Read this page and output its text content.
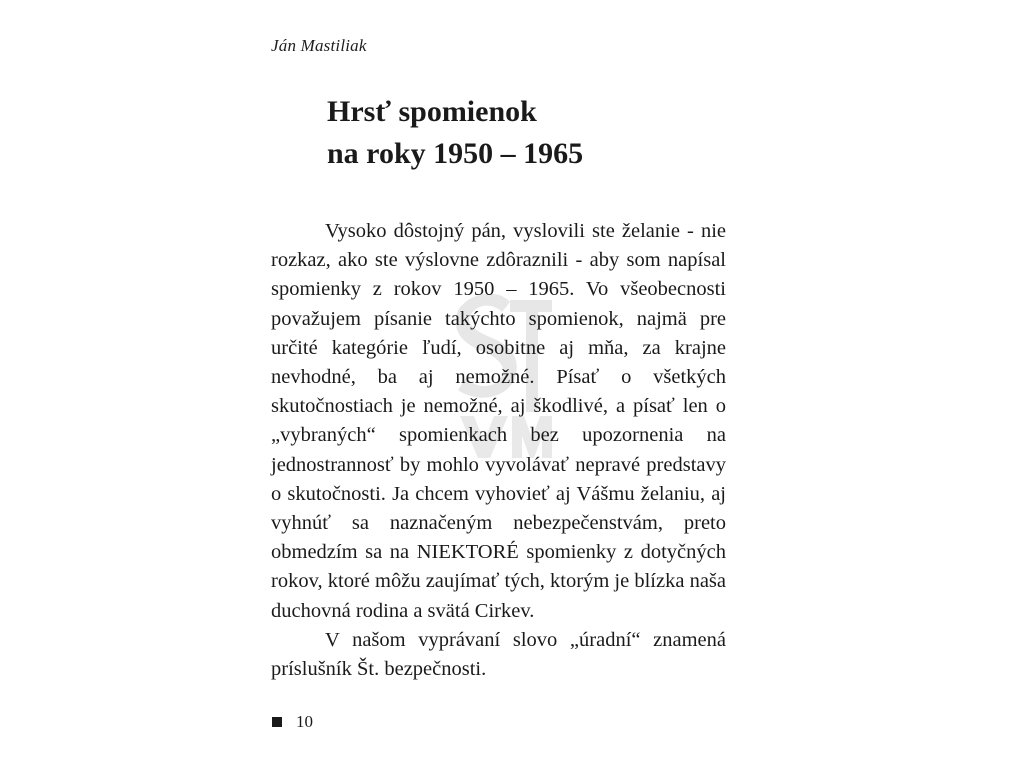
Ján Mastiliak
Hrsť spomienok
na roky 1950 – 1965

Vysoko dôstojný pán, vyslovili ste želanie - nie rozkaz, ako ste výslovne zdôraznili - aby som napísal spomienky z rokov 1950 – 1965. Vo všeobecnosti považujem písanie takýchto spomienok, najmä pre určité kategórie ľudí, osobitne aj mňa, za krajne nevhodné, ba aj nemožné. Písať o všetkých skutočnostiach je nemožné, aj škodlivé, a písať len o „vybraných“ spomienkach bez upozornenia na jednostrannosť by mohlo vyvolávať nepravé predstavy o skutočnosti. Ja chcem vyhovieť aj Vášmu želaniu, aj vyhnúť sa naznačeným nebezpečenstvám, preto obmedzím sa na NIEKTORÉ spomienky z dotyčných rokov, ktoré môžu zaujímať tých, ktorým je blízka naša duchovná rodina a svätá Cirkev.

V našom vyprávaní slovo „úradní“ znamená príslušník Št. bezpečnosti.

10
